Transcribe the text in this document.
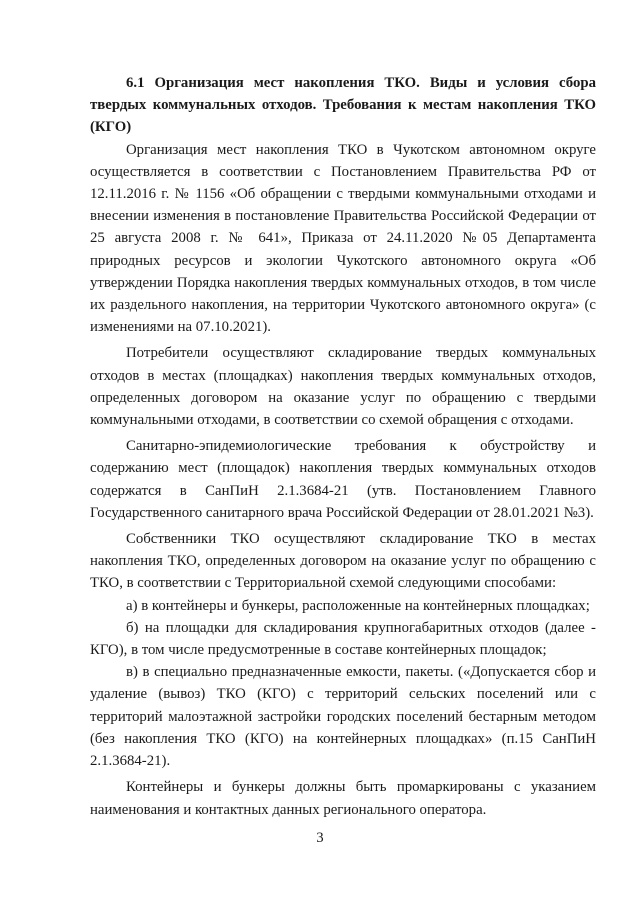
6.1 Организация мест накопления ТКО. Виды и условия сбора твердых коммунальных отходов. Требования к местам накопления ТКО (КГО)

Организация мест накопления ТКО в Чукотском автономном округе осуществляется в соответствии с Постановлением Правительства РФ от 12.11.2016 г. № 1156 «Об обращении с твердыми коммунальными отходами и внесении изменения в постановление Правительства Российской Федерации от 25 августа 2008 г. № 641», Приказа от 24.11.2020 №05 Департамента природных ресурсов и экологии Чукотского автономного округа «Об утверждении Порядка накопления твердых коммунальных отходов, в том числе их раздельного накопления, на территории Чукотского автономного округа» (с изменениями на 07.10.2021).

Потребители осуществляют складирование твердых коммунальных отходов в местах (площадках) накопления твердых коммунальных отходов, определенных договором на оказание услуг по обращению с твердыми коммунальными отходами, в соответствии со схемой обращения с отходами.

Санитарно-эпидемиологические требования к обустройству и содержанию мест (площадок) накопления твердых коммунальных отходов содержатся в СанПиН 2.1.3684-21 (утв. Постановлением Главного Государственного санитарного врача Российской Федерации от 28.01.2021 №3).

Собственники ТКО осуществляют складирование ТКО в местах накопления ТКО, определенных договором на оказание услуг по обращению с ТКО, в соответствии с Территориальной схемой следующими способами:

а) в контейнеры и бункеры, расположенные на контейнерных площадках;

б) на площадки для складирования крупногабаритных отходов (далее - КГО), в том числе предусмотренные в составе контейнерных площадок;

в) в специально предназначенные емкости, пакеты. («Допускается сбор и удаление (вывоз) ТКО (КГО) с территорий сельских поселений или с территорий малоэтажной застройки городских поселений бестарным методом (без накопления ТКО (КГО) на контейнерных площадках» (п.15 СанПиН 2.1.3684-21).

Контейнеры и бункеры должны быть промаркированы с указанием наименования и контактных данных регионального оператора.

3
